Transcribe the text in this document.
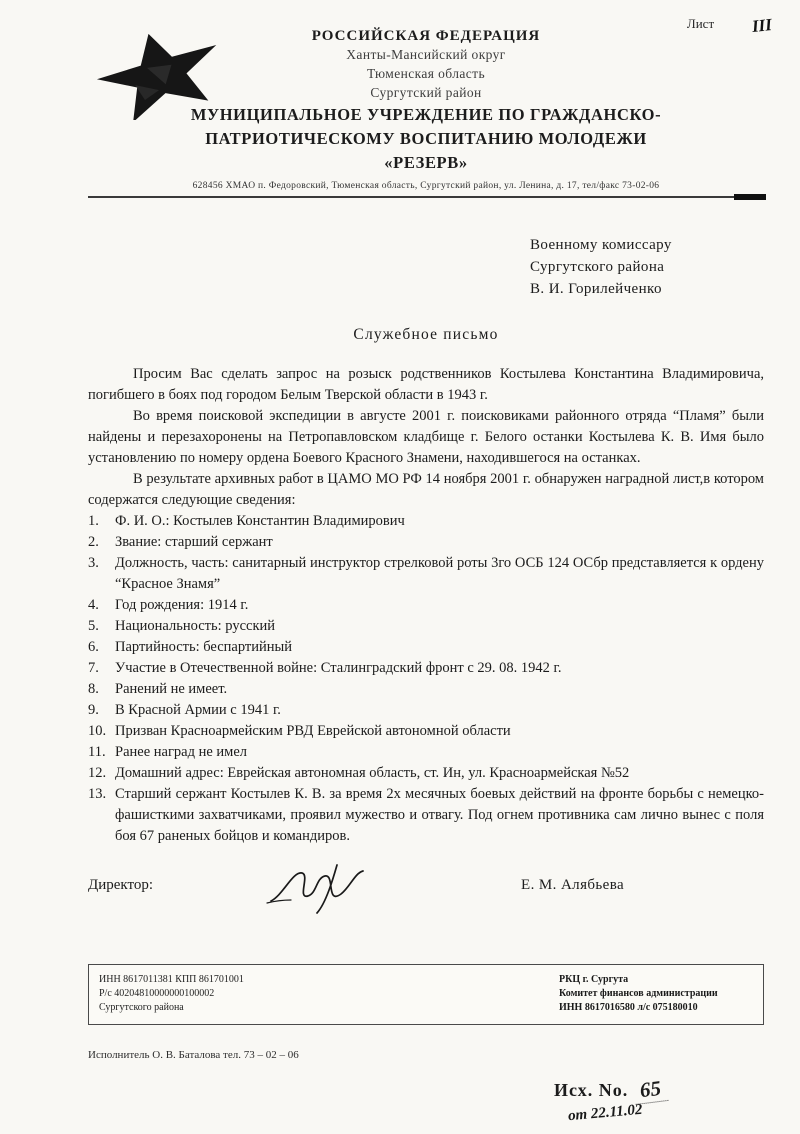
Лист III
РОССИЙСКАЯ ФЕДЕРАЦИЯ
Ханты-Мансийский округ
Тюменская область
Сургутский район
МУНИЦИПАЛЬНОЕ УЧРЕЖДЕНИЕ ПО ГРАЖДАНСКО-
ПАТРИОТИЧЕСКОМУ ВОСПИТАНИЮ МОЛОДЕЖИ
«РЕЗЕРВ»
628456 ХМАО п. Федоровский, Тюменская область, Сургутский район, ул. Ленина, д. 17, тел/факс 73-02-06
Военному комиссару
Сургутского района
В. И. Горилейченко
Служебное письмо

Просим Вас сделать запрос на розыск родственников Костылева Константина Владимировича, погибшего в боях под городом Белым Тверской области в 1943 г.

Во время поисковой экспедиции в августе 2001 г. поисковиками районного отряда “Пламя” были найдены и перезахоронены на Петропавловском кладбище г. Белого останки Костылева К. В. Имя было установлению по номеру ордена Боевого Красного Знамени, находившегося на останках.

В результате архивных работ в ЦАМО МО РФ 14 ноября 2001 г. обнаружен наградной лист,в котором содержатся следующие сведения:

1.	Ф. И. О.: Костылев Константин Владимирович
2.	Звание: старший сержант
3.	Должность, часть: санитарный инструктор стрелковой роты 3го ОСБ 124 ОСбр представляется к ордену “Красное Знамя”
4.	Год рождения: 1914 г.
5.	Национальность: русский
6.	Партийность: беспартийный
7.	Участие в Отечественной войне: Сталинградский фронт с 29. 08. 1942 г.
8.	Ранений не имеет.
9.	В Красной Армии с 1941 г.
10. Призван Красноармейским РВД Еврейской автономной области
11. Ранее наград не имел
12. Домашний адрес: Еврейская автономная область, ст. Ин, ул. Красноармейская №52
13. Старший сержант Костылев К. В. за время 2х месячных боевых действий на фронте борьбы с немецко-фашисткими захватчиками, проявил мужество и отвагу. Под огнем противника сам лично вынес с поля боя 67 раненых бойцов и командиров.
Директор:	Е. М. Алябьева
ИНН 8617011381 КПП 861701001
Р/с 40204810000000100002
Сургутского района
РКЦ г. Сургута
Комитет финансов администрации
ИНН 8617016580 л/с 075180010
Исполнитель О. В. Баталова тел. 73 – 02 – 06
Исх. No. 65
от 22.11.02
